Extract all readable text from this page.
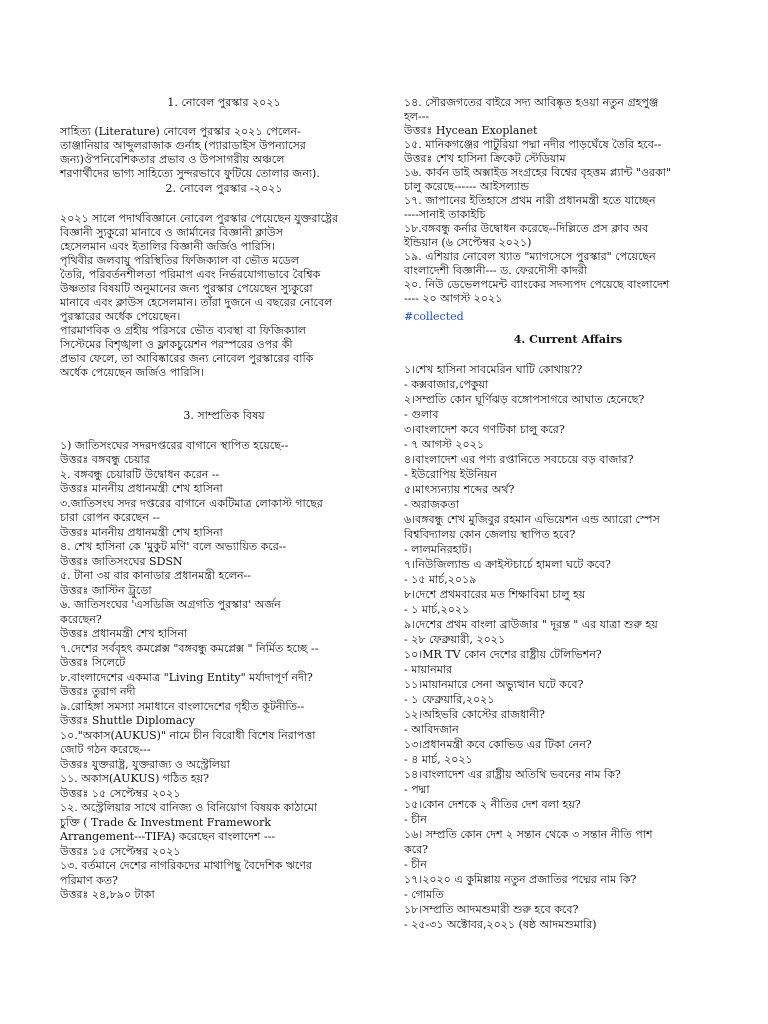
1. নোবেল পুরস্কার ২০২১
সাহিত্য (Literature) নোবেল পুরস্কার ২০২১ পেলেন-
তাঞ্জানিয়ার আব্দুলরাজাক গুর্নাহ (প্যারাডাইস উপন্যাসের
জন্য)ঔপনিবেশিকতার প্রভাব ও উপসাগরীয় অঞ্চলে
শরণার্থীদের ভাগ্য সাহিত্যে সুন্দরভাবে ফুটিয়ে তোলার জন্য).
2. নোবেল পুরস্কার -২০২১
২০২১ সালে পদার্থবিজ্ঞানে নোবেল পুরস্কার পেয়েছেন যুক্তরাষ্ট্রের
বিজ্ঞানী স্যুকুরো মানাবে ও জার্মানের বিজ্ঞানী ক্লাউস
হেসেলমান এবং ইতালির বিজ্ঞানী জর্জিও পারিসি।
পৃথিবীর জলবায়ু পরিস্থিতির ফিজিক্যাল বা ভৌত মডেল
তৈরি, পরিবর্তনশীলতা পরিমাপ এবং নির্ভরযোগ্যভাবে বৈশ্বিক
উষ্ণতার বিষয়টি অনুমানের জন্য পুরস্কার পেয়েছেন স্যুকুরো
মানাবে এবং ক্লাউস হেসেলমান। তাঁরা দুজনে এ বছরের নোবেল
পুরস্কারের অর্ধেক পেয়েছেন।
পারমাণবিক ও গ্রহীয় পরিসরে ভৌত ব্যবস্থা বা ফিজিক্যাল
সিস্টেমের বিশৃঙ্খলা ও ফ্লাকচুয়েশন পরস্পরের ওপর কী
প্রভাব ফেলে, তা আবিষ্কারের জন্য নোবেল পুরস্কারের বাকি
অর্ধেক পেয়েছেন জর্জিও পারিসি।
3. সাম্প্রতিক বিষয়
১) জাতিসংঘের সদরদপ্তরের বাগানে স্থাপিত হয়েছে--
উত্তরঃ বঙ্গবন্ধু চেয়ার
২. বঙ্গবন্ধু চেয়ারটি উদ্বোধন করেন --
উত্তরঃ মাননীয় প্রধানমন্ত্রী শেখ হাসিনা
৩.জাতিসংঘ সদর দপ্তরের বাগানে একটিমাত্র লোকাস্ট গাছের
চারা রোপন করেছেন --
উত্তরঃ মাননীয় প্রধানমন্ত্রী শেখ হাসিনা
৪. শেখ হাসিনা কে 'মুকুট মণি' বলে অভ্যায়িত করে--
উত্তরঃ জাতিসংঘের SDSN
৫. টানা ৩য় বার কানাডার প্রধানমন্ত্রী হলেন--
উত্তরঃ জাস্টিন ট্রুডো
৬. জাতিসংঘের 'এসডিজি অগ্রগতি পুরস্কার' অর্জন
করেছেন?
উত্তরঃ প্রধানমন্ত্রী শেখ হাসিনা
৭.দেশের সর্ববৃহৎ কমপ্লেক্স "বঙ্গবন্ধু কমপ্লেক্স " নির্মিত হচ্ছে --
উত্তরঃ সিলেটে
৮.বাংলাদেশের একমাত্র "Living Entity" মর্যাদাপূর্ণ নদী?
উত্তরঃ তুরাগ নদী
৯.রোহিঙ্গা সমস্যা সমাধানে বাংলাদেশের গৃহীত কূটনীতি--
উত্তরঃ Shuttle Diplomacy
১০."অকাস(AUKUS)" নামে চীন বিরোধী বিশেষ নিরাপত্তা
জোট গঠন করেছে---
উত্তরঃ যুক্তরাষ্ট্র, যুক্তরাজ্য ও অস্ট্রেলিয়া
১১. অকাস(AUKUS) গঠিত হয়?
উত্তরঃ ১৫ সেপ্টেম্বর ২০২১
১২. অস্ট্রেলিয়ার সাথে বানিজ্য ও বিনিয়োগ বিষয়ক কাঠামো
চুক্তি ( Trade & Investment Framework
Arrangement---TIFA) করেছেন বাংলাদেশ ---
উত্তরঃ ১৫ সেপ্টেম্বর ২০২১
১৩. বর্তমানে দেশের নাগরিকদের মাথাপিছু বৈদেশিক ঋণের
পরিমাণ কত?
উত্তরঃ ২৪,৮৯০ টাকা
১৪. সৌরজগতের বাইরে সদ্য আবিষ্কৃত হওয়া নতুন গ্রহপুঞ্জ
হল---
উত্তরঃ Hycean Exoplanet
১৫. মানিকগঞ্জের পাটুরিয়া পদ্মা নদীর পাড়ঘেঁষে তৈরি হবে--
উত্তরঃ শেখ হাসিনা ক্রিকেট স্টেডিয়াম
১৬. কার্বন ডাই অক্সাইড সংগ্রহের বিশ্বের বৃহত্তম প্ল্যান্ট "ওরকা"
চালু করেছে------ আইসল্যান্ড
১৭. জাপানের ইতিহাসে প্রথম নারী প্রধানমন্ত্রী হতে যাচ্ছেন
----সানাই তাকাইচি
১৮.বঙ্গবন্ধু কর্নার উদ্বোধন করেছে--দিল্লিতে প্রস ক্লাব অব
ইন্ডিয়ান (৬ সেপ্টেম্বর ২০২১)
১৯. এশিয়ার নোবেল খ্যাত "ম্যাগসেসে পুরস্কার" পেয়েছেন
বাংলাদেশী বিজ্ঞানী--- ড. ফেরদৌসী কাদরী
২০. নিউ ডেভেলপমেন্ট ব্যাংকের সদস্যপদ পেয়েছে বাংলাদেশ
---- ২০ আগস্ট ২০২১
#collected
4. Current Affairs
১।শেখ হাসিনা সাবমেরিন ঘাটি কোথায়??
- কক্সবাজার,পেকুয়া
২।সম্প্রতি কোন ঘূর্ণিঝড় বঙ্গোপসাগরে আঘাত হেনেছে?
- গুলাব
৩।বাংলাদেশ কবে গণটিকা চালু করে?
- ৭ আগস্ট ২০২১
৪।বাংলাদেশ এর পণ্য রপ্তানিতে সবচেয়ে বড় বাজার?
- ইউরোপিয় ইউনিয়ন
৫।মাৎস্যন্যায় শব্দের অর্থ?
- অরাজকতা
৬।বঙ্গবন্ধু শেখ মুজিবুর রহমান এভিয়েশন এন্ড অ্যারো স্পেস
বিশ্ববিদ্যালয় কোন জেলায় স্থাপিত হবে?
- লালমনিরহাট।
৭।নিউজিল্যান্ড এ ক্রাইস্টচার্চে হামলা ঘটে কবে?
- ১৫ মার্চ,২০১৯
৮।দেশে প্রথমবারের মত শিক্ষাবিমা চালু হয়
- ১ মার্চ,২০২১
৯।দেশের প্রথম বাংলা ব্রাউজার " দূরন্ত " এর যাত্রা শুরু হয়
- ২৮ ফেব্রুয়ারী, ২০২১
১০।MR TV কোন দেশের রাষ্ট্রীয় টেলিভিশন?
- মায়ানমার
১১।মায়ানমারে সেনা অভ্যুত্থান ঘটে কবে?
- ১ ফেব্রুয়ারি,২০২১
১২।অহিভরি কোস্টের রাজধানী?
- আবিদজান
১৩।প্রধানমন্ত্রী কবে কোভিড এর টিকা নেন?
- ৪ মার্চ, ২০২১
১৪।বাংলাদেশ এর রাষ্ট্রীয় অতিথি ভবনের নাম কি?
- পদ্মা
১৫।কোন দেশকে ২ নীতির দেশ বলা হয়?
- চীন
১৬। সম্প্রতি কোন দেশ ২ সন্তান থেকে ৩ সন্তান নীতি পাশ
করে?
- চীন
১৭।২০২০ এ কুমিল্লায় নতুন প্রজাতির পদ্মের নাম কি?
- গোমতি
১৮।সম্প্রতি আদমশুমারী শুরু হবে কবে?
- ২৫-৩১ অক্টোবর,২০২১ (ষষ্ঠ আদমশুমারি)
